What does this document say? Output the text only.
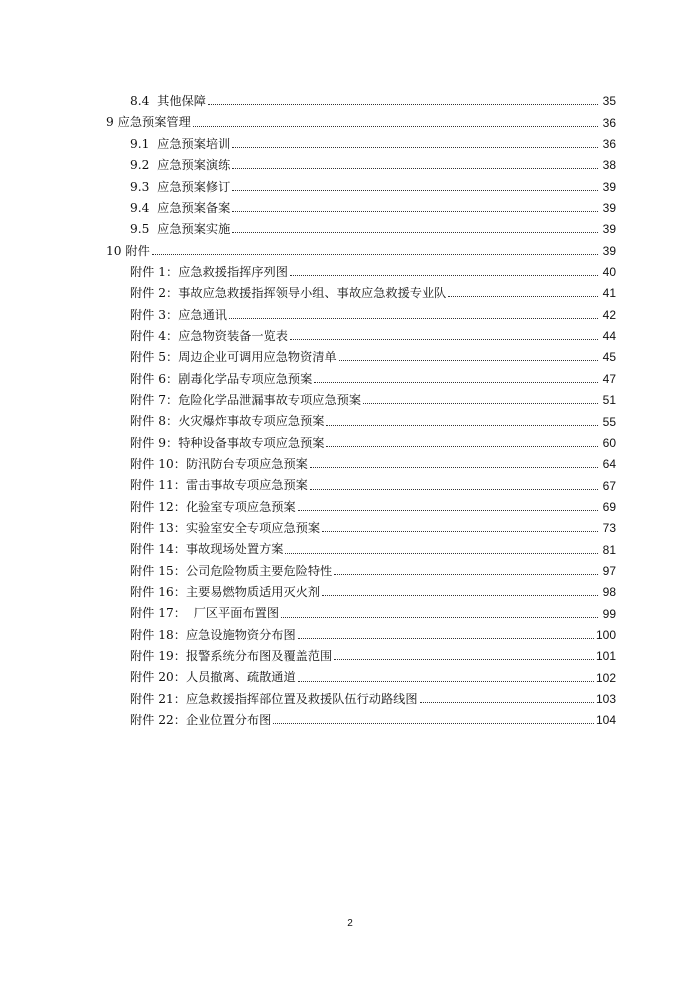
8.4  其他保障	35
9 应急预案管理	36
9.1  应急预案培训	36
9.2  应急预案演练	38
9.3  应急预案修订	39
9.4  应急预案备案	39
9.5  应急预案实施	39
10 附件	39
附件 1：应急救援指挥序列图	40
附件 2：事故应急救援指挥领导小组、事故应急救援专业队	41
附件 3：应急通讯	42
附件 4：应急物资装备一览表	44
附件 5：周边企业可调用应急物资清单	45
附件 6：剧毒化学品专项应急预案	47
附件 7：危险化学品泄漏事故专项应急预案	51
附件 8：火灾爆炸事故专项应急预案	55
附件 9：特种设备事故专项应急预案	60
附件 10：防汛防台专项应急预案	64
附件 11：雷击事故专项应急预案	67
附件 12：化验室专项应急预案	69
附件 13：实验室安全专项应急预案	73
附件 14：事故现场处置方案	81
附件 15：公司危险物质主要危险特性	97
附件 16：主要易燃物质适用灭火剂	98
附件 17：  厂区平面布置图	99
附件 18：应急设施物资分布图	100
附件 19：报警系统分布图及覆盖范围	101
附件 20：人员撤离、疏散通道	102
附件 21：应急救援指挥部位置及救援队伍行动路线图	103
附件 22：企业位置分布图	104
2
